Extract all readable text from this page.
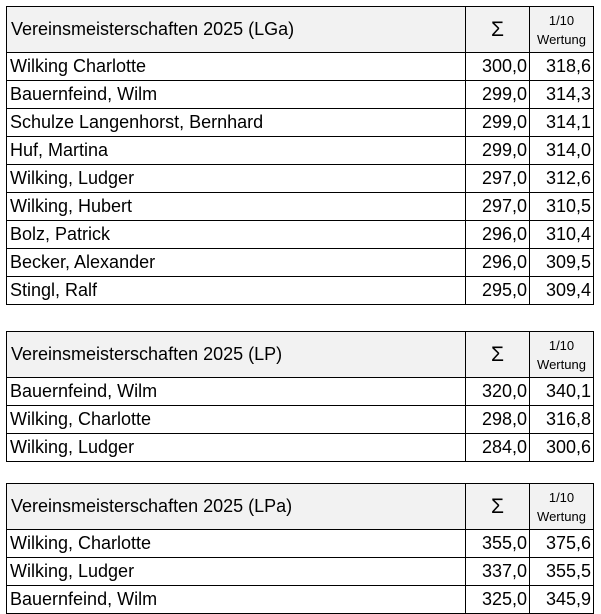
Vereinsmeisterschaften 2025 (LGa)	Σ	1/10
Wertung
Wilking Charlotte	300,0	318,6
Bauernfeind, Wilm	299,0	314,3
Schulze Langenhorst, Bernhard	299,0	314,1
Huf, Martina	299,0	314,0
Wilking, Ludger	297,0	312,6
Wilking, Hubert	297,0	310,5
Bolz, Patrick	296,0	310,4
Becker, Alexander	296,0	309,5
Stingl, Ralf	295,0	309,4
Vereinsmeisterschaften 2025 (LP)	Σ	1/10
Wertung
Bauernfeind, Wilm	320,0	340,1
Wilking, Charlotte	298,0	316,8
Wilking, Ludger	284,0	300,6
Vereinsmeisterschaften 2025 (LPa)	Σ	1/10
Wertung
Wilking, Charlotte	355,0	375,6
Wilking, Ludger	337,0	355,5
Bauernfeind, Wilm	325,0	345,9
